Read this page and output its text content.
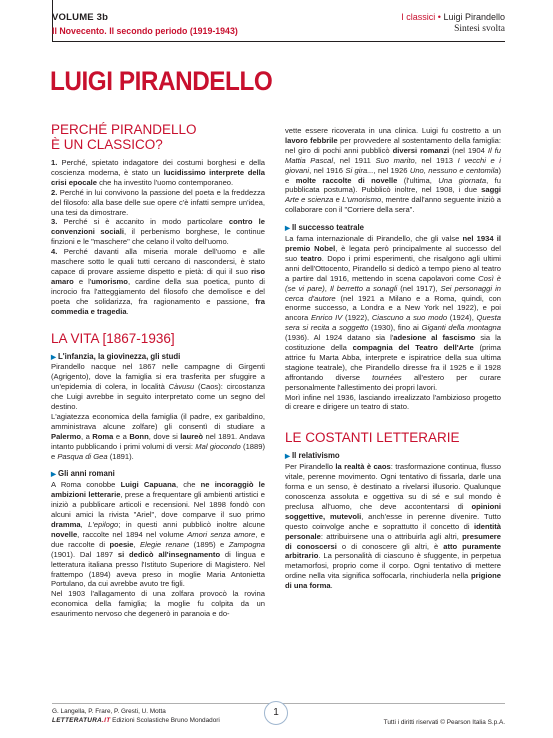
VOLUME 3b
Il Novecento. Il secondo periodo (1919-1943)
I classici • Luigi Pirandello
Sintesi svolta
LUIGI PIRANDELLO
PERCHÉ PIRANDELLO
È UN CLASSICO?

1. Perché, spietato indagatore dei costumi borghesi e della coscienza moderna, è stato un lucidissimo interprete della crisi epocale che ha investito l'uomo contemporaneo.

2. Perché in lui convivono la passione del poeta e la freddezza del filosofo: alla base delle sue opere c'è infatti sempre un'idea, una tesi da dimostrare.

3. Perché si è accanito in modo particolare contro le convenzioni sociali, il perbenismo borghese, le continue finzioni e le "maschere" che celano il volto dell'uomo.

4. Perché davanti alla miseria morale dell'uomo e alle maschere sotto le quali tutti cercano di nascondersi, è stato capace di provare assieme dispetto e pietà: di qui il suo riso amaro e l'umorismo, cardine della sua poetica, punto di incrocio fra l'atteggiamento del filosofo che demolisce e del poeta che solidarizza, fra ragionamento e passione, fra commedia e tragedia.

LA VITA [1867-1936]
▶ L'infanzia, la giovinezza, gli studi

Pirandello nacque nel 1867 nelle campagne di Girgenti (Agrigento), dove la famiglia si era trasferita per sfuggire a un'epidemia di colera, in località Càvusu (Caos): circostanza che Luigi avrebbe in seguito interpretato come un segno del destino.

L'agiatezza economica della famiglia (il padre, ex garibaldino, amministrava alcune zolfare) gli consentì di studiare a Palermo, a Roma e a Bonn, dove si laureò nel 1891. Andava intanto pubblicando i primi volumi di versi: Mal giocondo (1889) e Pasqua di Gea (1891).

▶ Gli anni romani

A Roma conobbe Luigi Capuana, che ne incoraggiò le ambizioni letterarie, prese a frequentare gli ambienti artistici e iniziò a pubblicare articoli e recensioni. Nel 1898 fondò con alcuni amici la rivista "Ariel", dove comparve il suo primo dramma, L'epilogo; in questi anni pubblicò inoltre alcune novelle, raccolte nel 1894 nel volume Amori senza amore, e due raccolte di poesie, Elegie renane (1895) e Zampogna (1901). Dal 1897 si dedicò all'insegnamento di lingua e letteratura italiana presso l'Istituto Superiore di Magistero. Nel frattempo (1894) aveva preso in moglie Maria Antonietta Portulano, da cui avrebbe avuto tre figli.

Nel 1903 l'allagamento di una zolfara provocò la rovina economica della famiglia; la moglie fu colpita da un esaurimento nervoso che degenerò in paranoia e do-

vette essere ricoverata in una clinica. Luigi fu costretto a un lavoro febbrile per provvedere al sostentamento della famiglia: nel giro di pochi anni pubblicò diversi romanzi (nel 1904 Il fu Mattia Pascal, nel 1911 Suo marito, nel 1913 I vecchi e i giovani, nel 1916 Si gira..., nel 1926 Uno, nessuno e centomila) e molte raccolte di novelle (l'ultima, Una giornata, fu pubblicata postuma). Pubblicò inoltre, nel 1908, i due saggi Arte e scienza e L'umorismo, mentre dall'anno seguente iniziò a collaborare con il "Corriere della sera".

▶ Il successo teatrale

La fama internazionale di Pirandello, che gli valse nel 1934 il premio Nobel, è legata però principalmente al successo del suo teatro. Dopo i primi esperimenti, che risalgono agli ultimi anni dell'Ottocento, Pirandello si dedicò a tempo pieno al teatro a partire dal 1916, mettendo in scena capolavori come Così è (se vi pare), Il berretto a sonagli (nel 1917), Sei personaggi in cerca d'autore (nel 1921 a Milano e a Roma, quindi, con enorme successo, a Londra e a New York nel 1922), e poi ancora Enrico IV (1922), Ciascuno a suo modo (1924), Questa sera si recita a soggetto (1930), fino ai Giganti della montagna (1936). Al 1924 datano sia l'adesione al fascismo sia la costituzione della compagnia del Teatro dell'Arte (prima attrice fu Marta Abba, interprete e ispiratrice della sua ultima stagione teatrale), che Pirandello diresse fra il 1925 e il 1928 affrontando diverse tournées all'estero per curare personalmente l'allestimento dei propri lavori.

Morì infine nel 1936, lasciando irrealizzato l'ambizioso progetto di creare e dirigere un teatro di stato.

LE COSTANTI LETTERARIE
▶ Il relativismo

Per Pirandello la realtà è caos: trasformazione continua, flusso vitale, perenne movimento. Ogni tentativo di fissarla, darle una forma e un senso, è destinato a rivelarsi illusorio. Qualunque conoscenza assoluta e oggettiva su di sé e sul mondo è preclusa all'uomo, che deve accontentarsi di opinioni soggettive, mutevoli, anch'esse in perenne divenire. Tutto questo coinvolge anche e soprattutto il concetto di identità personale: attribuirsene una o attribuirla agli altri, presumere di conoscersi o di conoscere gli altri, è atto puramente arbitrario. La personalità di ciascuno è sfuggente, in perpetua metamorfosi, proprio come il corpo. Ogni tentativo di mettere ordine nella vita significa soffocarla, rinchiuderla nella prigione di una forma.

G. Langella, P. Frare, P. Gresti, U. Motta
LETTERATURA.IT Edizioni Scolastiche Bruno Mondadori
1
Tutti i diritti riservati © Pearson Italia S.p.A.
